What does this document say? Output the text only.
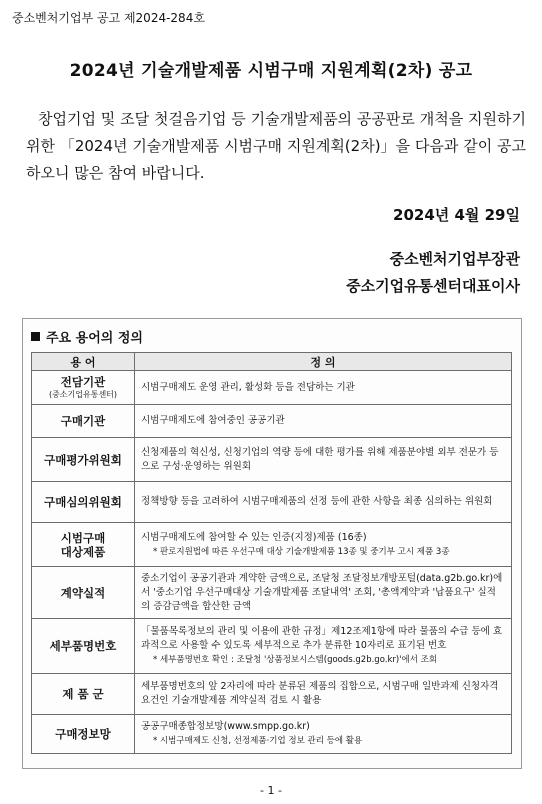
중소벤처기업부 공고 제2024-284호
2024년 기술개발제품 시범구매 지원계획(2차) 공고
창업기업 및 조달 첫걸음기업 등 기술개발제품의 공공판로 개척을 지원하기 위한 「2024년 기술개발제품 시범구매 지원계획(2차)」을 다음과 같이 공고하오니 많은 참여 바랍니다.
2024년 4월 29일
중소벤처기업부장관
중소기업유통센터대표이사
주요 용어의 정의
용 어	정 의
전담기관
(중소기업유통센터)	시범구매제도 운영 관리, 활성화 등을 전담하는 기관
구매기관	시범구매제도에 참여중인 공공기관
구매평가위원회	신청제품의 혁신성, 신청기업의 역량 등에 대한 평가를 위해 제품분야별 외부 전문가 등으로 구성·운영하는 위원회
구매심의위원회	정책방향 등을 고려하여 시범구매제품의 선정 등에 관한 사항을 최종 심의하는 위원회
시범구매
대상제품	시범구매제도에 참여할 수 있는 인증(지정)제품 (16종)
* 판로지원법에 따른 우선구매 대상 기술개발제품 13종 및 중기부 고시 제품 3종

계약실적	중소기업이 공공기관과 계약한 금액으로, 조달청 조달정보개방포털(data.g2b.go.kr)에서 '중소기업 우선구매대상 기술개발제품 조달내역' 조회, '총액계약'과 '납품요구' 실적의 증감금액을 합산한 금액
세부품명번호	「물품목록정보의 관리 및 이용에 관한 규정」제12조제1항에 따라 물품의 수급 등에 효과적으로 사용할 수 있도록 세부적으로 추가 분류한 10자리로 표기된 번호
* 세부품명번호 확인 : 조달청 '상품정보시스템(goods.g2b.go.kr)'에서 조회

제 품 군	세부품명번호의 앞 2자리에 따라 분류된 제품의 집합으로, 시범구매 일반과제 신청자격 요건인 기술개발제품 계약실적 검토 시 활용
구매정보망	공공구매종합정보망(www.smpp.go.kr)
* 시범구매제도 신청, 선정제품·기업 정보 관리 등에 활용
- 1 -
